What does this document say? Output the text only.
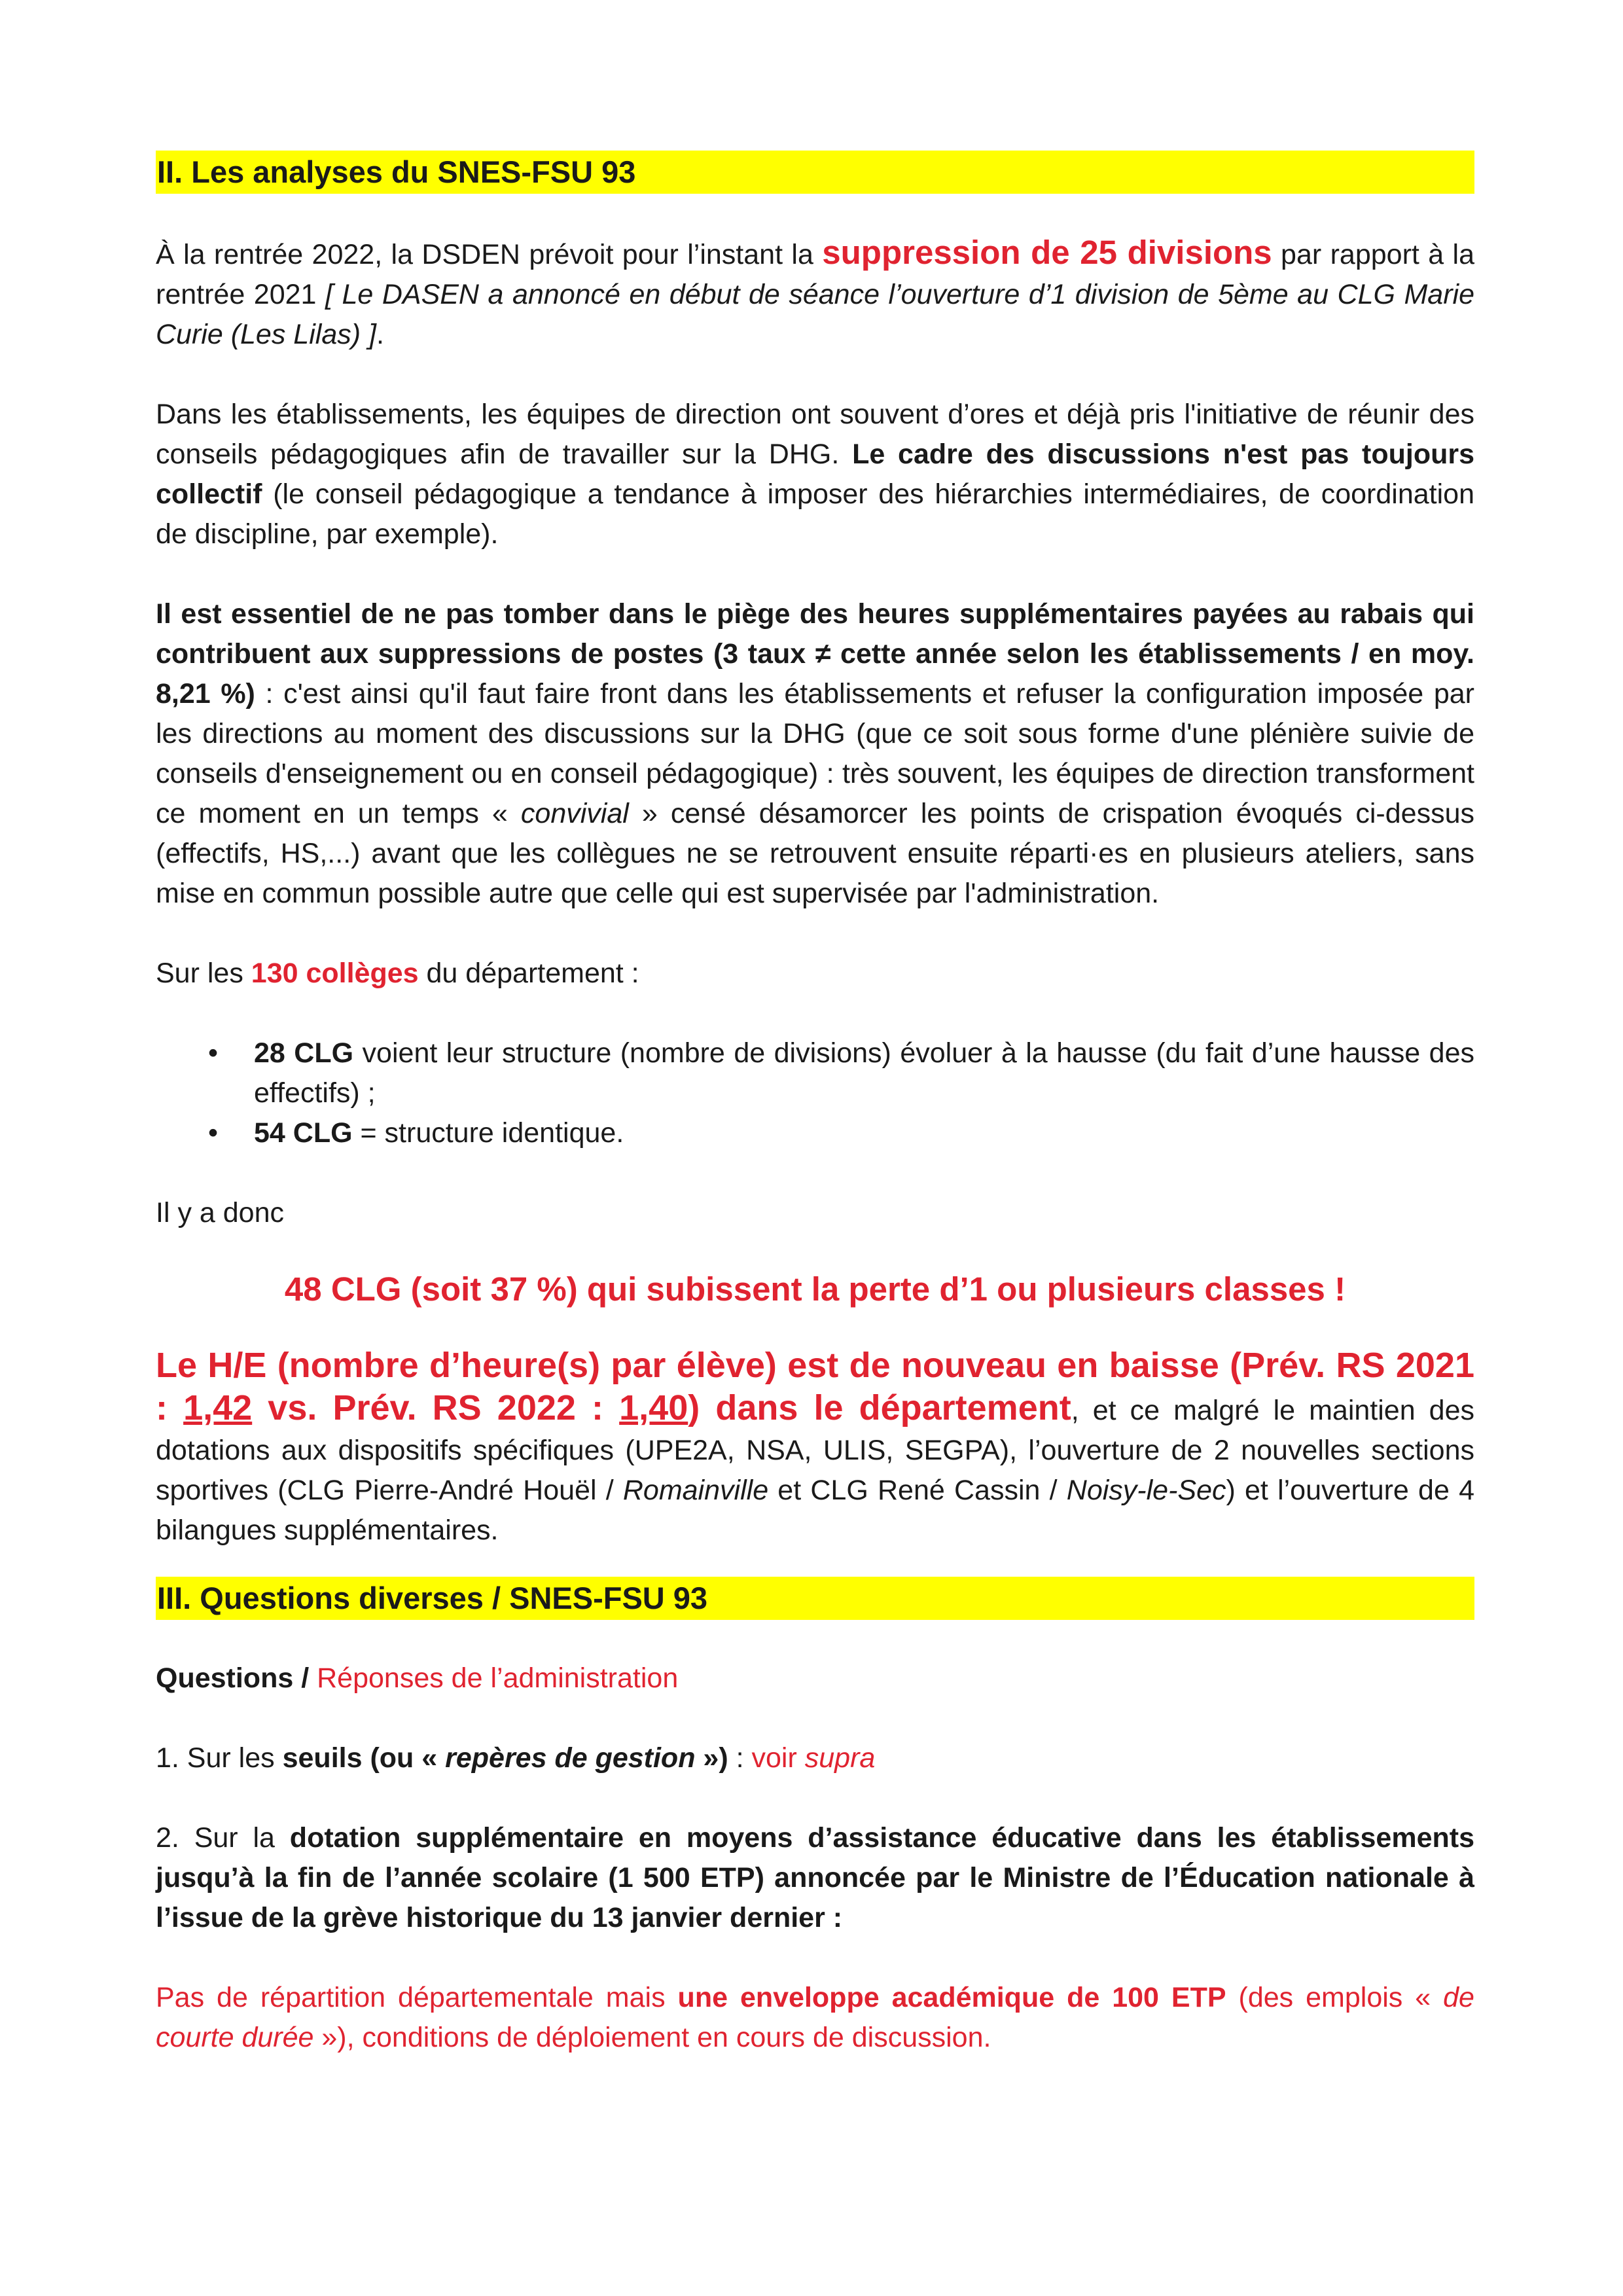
II. Les analyses du SNES-FSU 93

À la rentrée 2022, la DSDEN prévoit pour l’instant la suppression de 25 divisions par rapport à la rentrée 2021 [ Le DASEN a annoncé en début de séance l’ouverture d’1 division de 5ème au CLG Marie Curie (Les Lilas) ].

Dans les établissements, les équipes de direction ont souvent d’ores et déjà pris l'initiative de réunir des conseils pédagogiques afin de travailler sur la DHG. Le cadre des discussions n'est pas toujours collectif (le conseil pédagogique a tendance à imposer des hiérarchies intermédiaires, de coordination de discipline, par exemple).

Il est essentiel de ne pas tomber dans le piège des heures supplémentaires payées au rabais qui contribuent aux suppressions de postes (3 taux ≠ cette année selon les établissements / en moy. 8,21 %) : c'est ainsi qu'il faut faire front dans les établissements et refuser la configuration imposée par les directions au moment des discussions sur la DHG (que ce soit sous forme d'une plénière suivie de conseils d'enseignement ou en conseil pédagogique) : très souvent, les équipes de direction transforment ce moment en un temps « convivial » censé désamorcer les points de crispation évoqués ci-dessus (effectifs, HS,...) avant que les collègues ne se retrouvent ensuite réparti·es en plusieurs ateliers, sans mise en commun possible autre que celle qui est supervisée par l'administration.

Sur les 130 collèges du département :

• 28 CLG voient leur structure (nombre de divisions) évoluer à la hausse (du fait d’une hausse des effectifs) ;
• 54 CLG = structure identique.

Il y a donc

48 CLG (soit 37 %) qui subissent la perte d’1 ou plusieurs classes !

Le H/E (nombre d’heure(s) par élève) est de nouveau en baisse (Prév. RS 2021 : 1,42 vs. Prév. RS 2022 : 1,40) dans le département, et ce malgré le maintien des dotations aux dispositifs spécifiques (UPE2A, NSA, ULIS, SEGPA), l’ouverture de 2 nouvelles sections sportives (CLG Pierre-André Houël / Romainville et CLG René Cassin / Noisy-le-Sec) et l’ouverture de 4 bilangues supplémentaires.

III. Questions diverses / SNES-FSU 93

Questions / Réponses de l’administration

1. Sur les seuils (ou « repères de gestion ») : voir supra

2. Sur la dotation supplémentaire en moyens d’assistance éducative dans les établissements jusqu’à la fin de l’année scolaire (1 500 ETP) annoncée par le Ministre de l’Éducation nationale à l’issue de la grève historique du 13 janvier dernier :

Pas de répartition départementale mais une enveloppe académique de 100 ETP (des emplois « de courte durée »), conditions de déploiement en cours de discussion.
